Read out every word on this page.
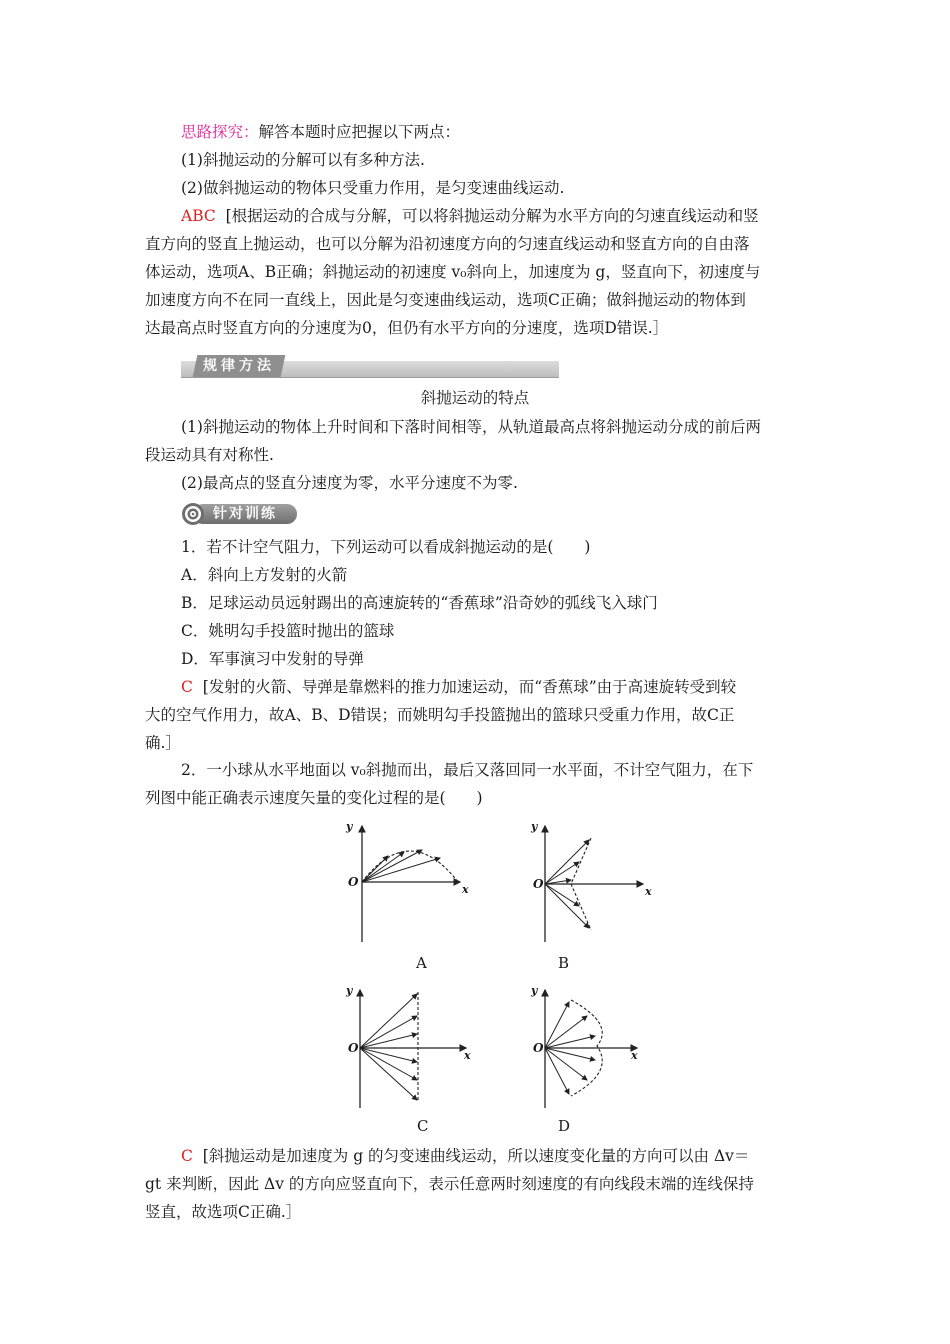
思路探究：解答本题时应把握以下两点：
(1)斜抛运动的分解可以有多种方法.
(2)做斜抛运动的物体只受重力作用，是匀变速曲线运动.
ABC [根据运动的合成与分解，可以将斜抛运动分解为水平方向的匀速直线运动和竖
直方向的竖直上抛运动，也可以分解为沿初速度方向的匀速直线运动和竖直方向的自由落
体运动，选项A、B正确；斜抛运动的初速度 v₀斜向上，加速度为 g，竖直向下，初速度与
加速度方向不在同一直线上，因此是匀变速曲线运动，选项C正确；做斜抛运动的物体到
达最高点时竖直方向的分速度为0，但仍有水平方向的分速度，选项D错误.］
规律方法
斜抛运动的特点
(1)斜抛运动的物体上升时间和下落时间相等，从轨道最高点将斜抛运动分成的前后两
段运动具有对称性.
(2)最高点的竖直分速度为零，水平分速度不为零.
针对训练
1．若不计空气阻力，下列运动可以看成斜抛运动的是(　　)
A．斜向上方发射的火箭
B．足球运动员远射踢出的高速旋转的“香蕉球”沿奇妙的弧线飞入球门
C．姚明勾手投篮时抛出的篮球
D．军事演习中发射的导弹
C [发射的火箭、导弹是靠燃料的推力加速运动，而“香蕉球”由于高速旋转受到较
大的空气作用力，故A、B、D错误；而姚明勾手投篮抛出的篮球只受重力作用，故C正
确.］
2．一小球从水平地面以 v₀斜抛而出，最后又落回同一水平面，不计空气阻力，在下
列图中能正确表示速度矢量的变化过程的是(　　)
y
O
x
A
y
O
x
B
y
O
x
C
y
O
x
D
C [斜抛运动是加速度为 g 的匀变速曲线运动，所以速度变化量的方向可以由 Δv＝
gt 来判断，因此 Δv 的方向应竖直向下，表示任意两时刻速度的有向线段末端的连线保持
竖直，故选项C正确.］
